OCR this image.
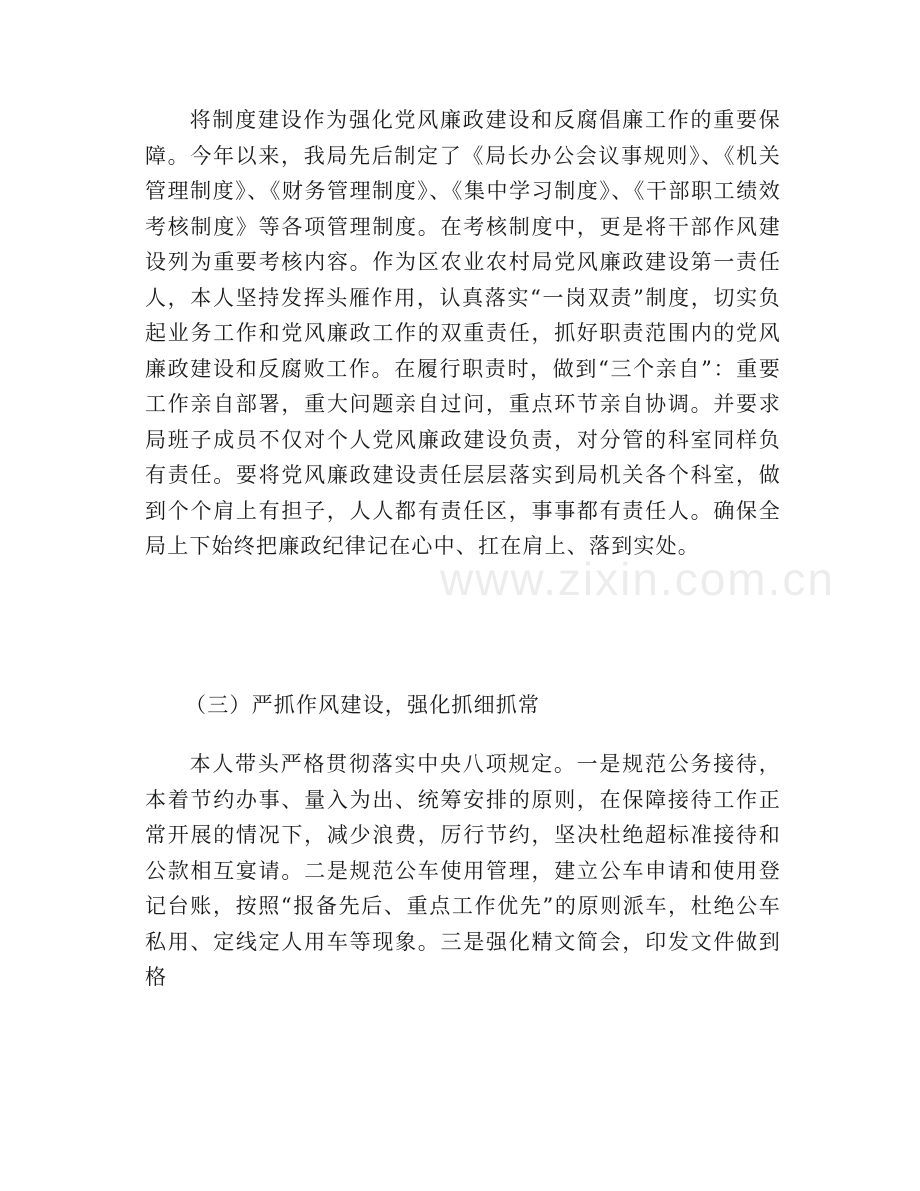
将制度建设作为强化党风廉政建设和反腐倡廉工作的重要保障。今年以来，我局先后制定了《局长办公会议事规则》、《机关管理制度》、《财务管理制度》、《集中学习制度》、《干部职工绩效考核制度》等各项管理制度。在考核制度中，更是将干部作风建设列为重要考核内容。作为区农业农村局党风廉政建设第一责任人，本人坚持发挥头雁作用，认真落实“一岗双责”制度，切实负起业务工作和党风廉政工作的双重责任，抓好职责范围内的党风廉政建设和反腐败工作。在履行职责时，做到“三个亲自”：重要工作亲自部署，重大问题亲自过问，重点环节亲自协调。并要求局班子成员不仅对个人党风廉政建设负责，对分管的科室同样负有责任。要将党风廉政建设责任层层落实到局机关各个科室，做到个个肩上有担子，人人都有责任区，事事都有责任人。确保全局上下始终把廉政纪律记在心中、扛在肩上、落到实处。

（三）严抓作风建设，强化抓细抓常

本人带头严格贯彻落实中央八项规定。一是规范公务接待，本着节约办事、量入为出、统筹安排的原则，在保障接待工作正常开展的情况下，减少浪费，厉行节约，坚决杜绝超标准接待和公款相互宴请。二是规范公车使用管理，建立公车申请和使用登记台账，按照“报备先后、重点工作优先”的原则派车，杜绝公车私用、定线定人用车等现象。三是强化精文简会，印发文件做到格

www.zixin.com.cn
